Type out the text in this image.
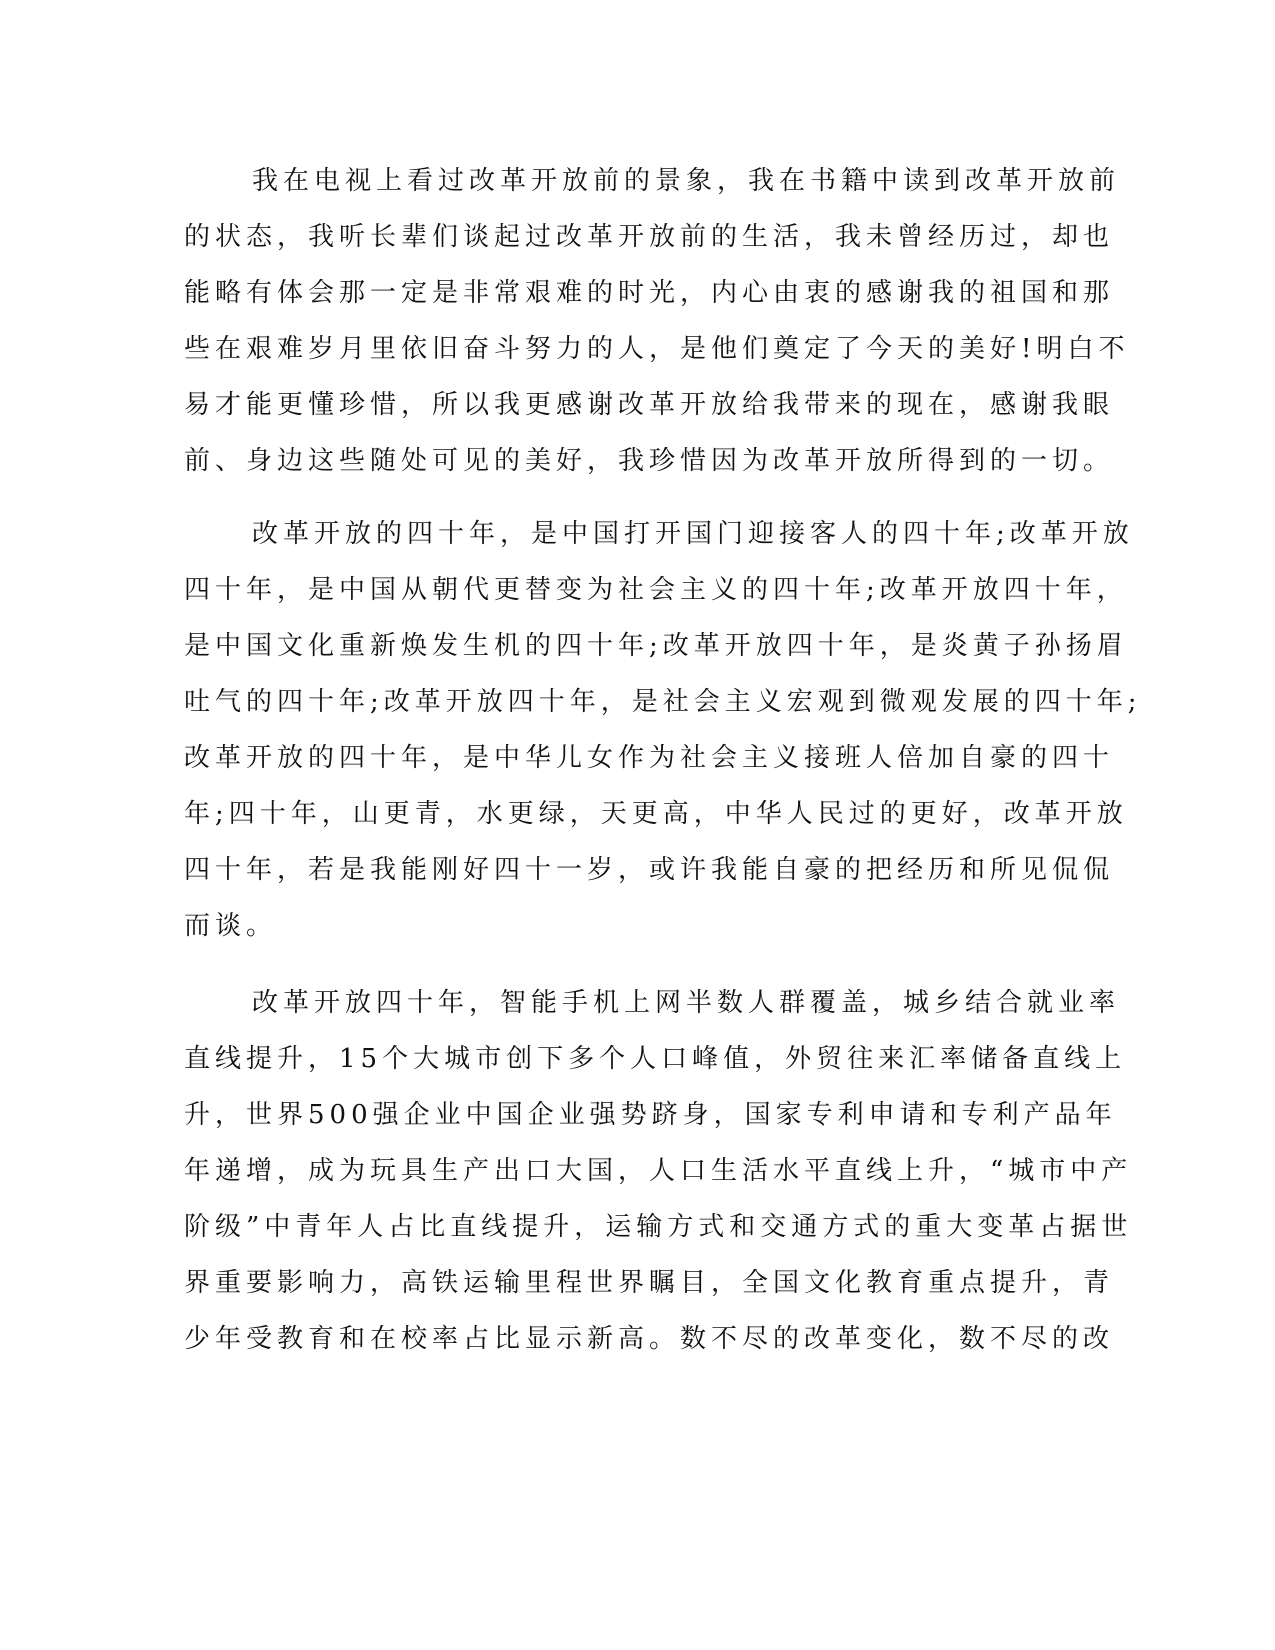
我在电视上看过改革开放前的景象，我在书籍中读到改革开放前
的状态，我听长辈们谈起过改革开放前的生活，我未曾经历过，却也
能略有体会那一定是非常艰难的时光，内心由衷的感谢我的祖国和那
些在艰难岁月里依旧奋斗努力的人，是他们奠定了今天的美好!明白不
易才能更懂珍惜，所以我更感谢改革开放给我带来的现在，感谢我眼
前、身边这些随处可见的美好，我珍惜因为改革开放所得到的一切。
改革开放的四十年，是中国打开国门迎接客人的四十年;改革开放
四十年，是中国从朝代更替变为社会主义的四十年;改革开放四十年，
是中国文化重新焕发生机的四十年;改革开放四十年，是炎黄子孙扬眉
吐气的四十年;改革开放四十年，是社会主义宏观到微观发展的四十年;
改革开放的四十年，是中华儿女作为社会主义接班人倍加自豪的四十
年;四十年，山更青，水更绿，天更高，中华人民过的更好，改革开放
四十年，若是我能刚好四十一岁，或许我能自豪的把经历和所见侃侃
而谈。
改革开放四十年，智能手机上网半数人群覆盖，城乡结合就业率
直线提升，15个大城市创下多个人口峰值，外贸往来汇率储备直线上
升，世界500强企业中国企业强势跻身，国家专利申请和专利产品年
年递增，成为玩具生产出口大国，人口生活水平直线上升，“城市中产
阶级”中青年人占比直线提升，运输方式和交通方式的重大变革占据世
界重要影响力，高铁运输里程世界瞩目，全国文化教育重点提升，青
少年受教育和在校率占比显示新高。数不尽的改革变化，数不尽的改
